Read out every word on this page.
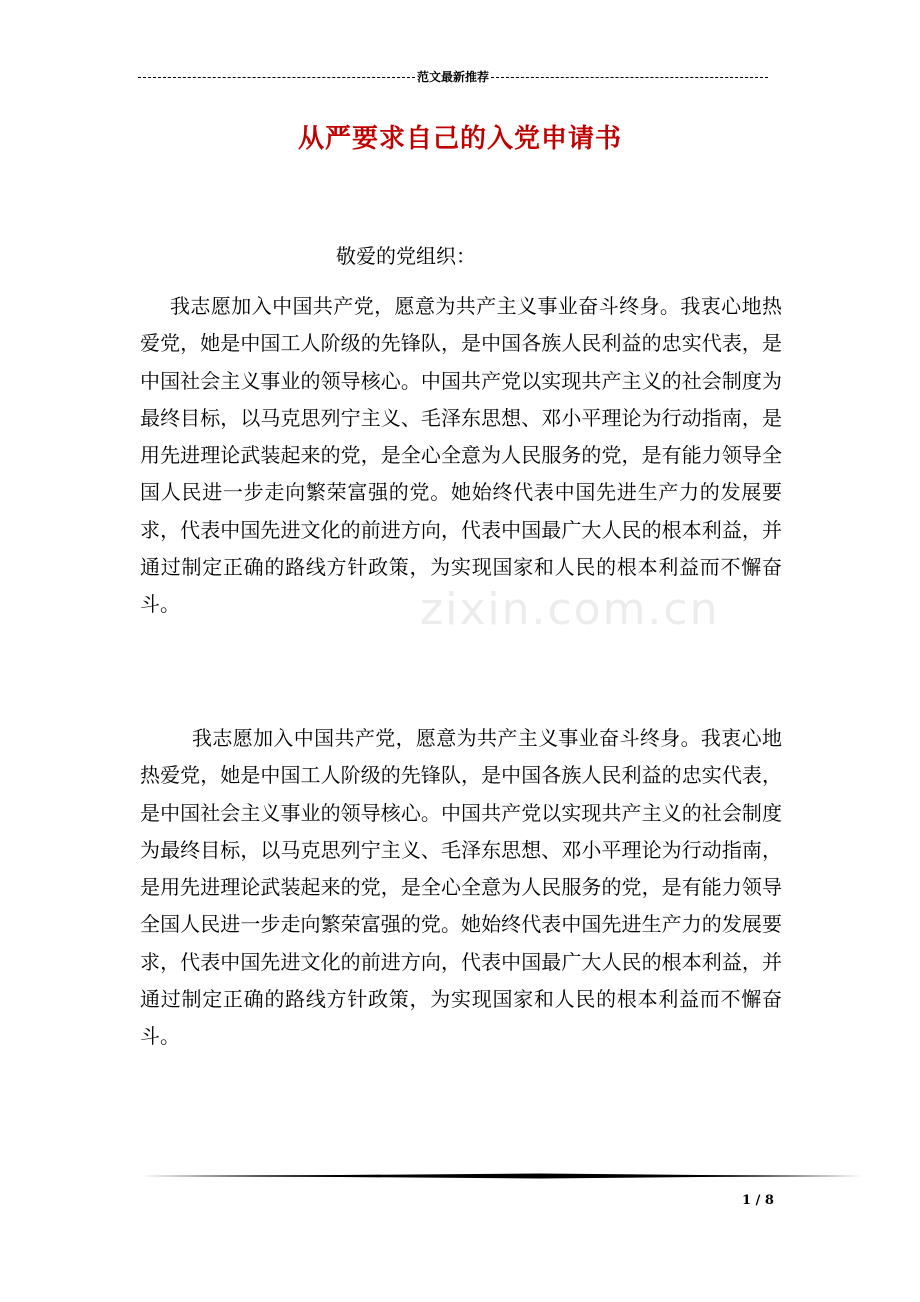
范文最新推荐
从严要求自己的入党申请书
敬爱的党组织：

我志愿加入中国共产党，愿意为共产主义事业奋斗终身。我衷心地热爱党，她是中国工人阶级的先锋队，是中国各族人民利益的忠实代表，是中国社会主义事业的领导核心。中国共产党以实现共产主义的社会制度为最终目标，以马克思列宁主义、毛泽东思想、邓小平理论为行动指南，是用先进理论武装起来的党，是全心全意为人民服务的党，是有能力领导全国人民进一步走向繁荣富强的党。她始终代表中国先进生产力的发展要求，代表中国先进文化的前进方向，代表中国最广大人民的根本利益，并通过制定正确的路线方针政策，为实现国家和人民的根本利益而不懈奋斗。	zixin.com.cn

我志愿加入中国共产党，愿意为共产主义事业奋斗终身。我衷心地热爱党，她是中国工人阶级的先锋队，是中国各族人民利益的忠实代表，是中国社会主义事业的领导核心。中国共产党以实现共产主义的社会制度为最终目标，以马克思列宁主义、毛泽东思想、邓小平理论为行动指南，是用先进理论武装起来的党，是全心全意为人民服务的党，是有能力领导全国人民进一步走向繁荣富强的党。她始终代表中国先进生产力的发展要求，代表中国先进文化的前进方向，代表中国最广大人民的根本利益，并通过制定正确的路线方针政策，为实现国家和人民的根本利益而不懈奋斗。

1 / 8
